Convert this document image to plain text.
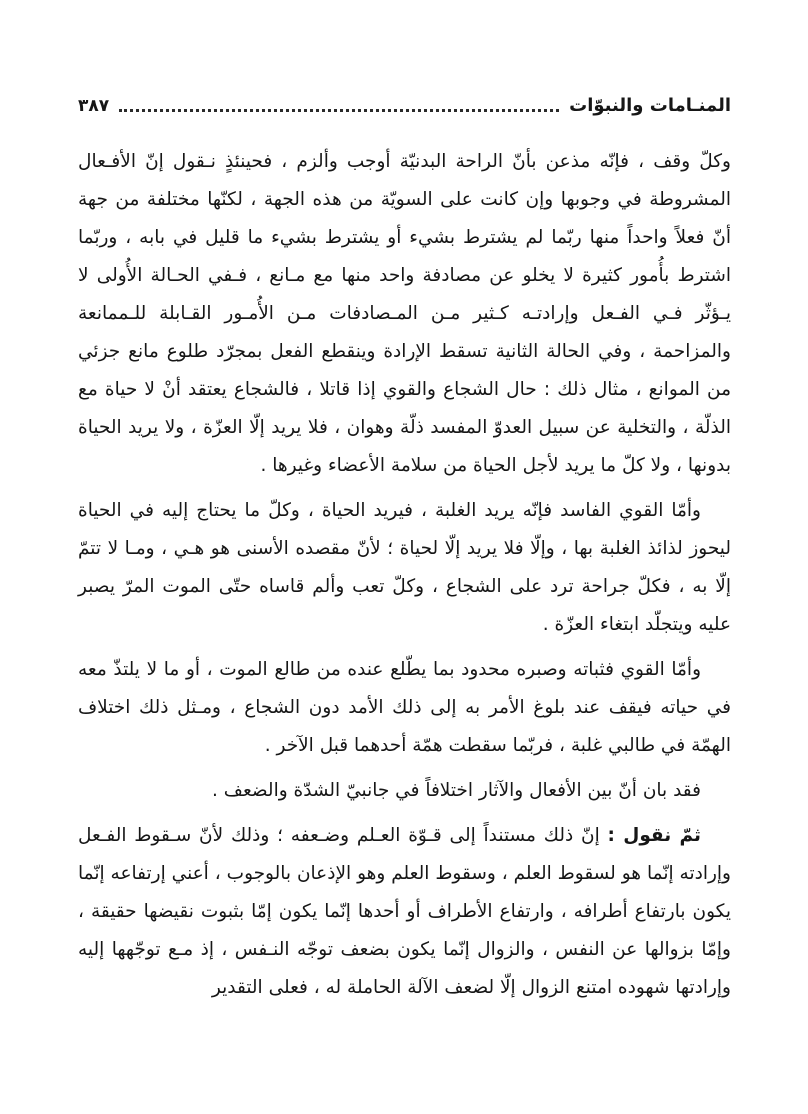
المنـامات والنبوّات
٣٨٧

وكلّ وقف ، فإنّه مذعن بأنّ الراحة البدنيّة أوجب وألزم ، فحينئذٍ نـقول إنّ الأفـعال المشروطة في وجوبها وإن كانت على السويّة من هذه الجهة ، لكنّها مختلفة من جهة أنّ فعلاً واحداً منها ربّما لم يشترط بشيء أو يشترط بشيء ما قليل في بابه ، وربّما اشترط بأُمور كثيرة لا يخلو عن مصادفة واحد منها مع مـانع ، فـفي الحـالة الأُولى لا يـؤثّر فـي الفـعل وإرادتـه كـثير مـن المـصادفات مـن الأُمـور القـابلة للـممانعة والمزاحمة ، وفي الحالة الثانية تسقط الإرادة وينقطع الفعل بمجرّد طلوع مانع جزئي من الموانع ، مثال ذلك : حال الشجاع والقوي إذا قاتلا ، فالشجاع يعتقد أنْ لا حياة مع الذلّة ، والتخلية عن سبيل العدوّ المفسد ذلّة وهوان ، فلا يريد إلّا العزّة ، ولا يريد الحياة بدونها ، ولا كلّ ما يريد لأجل الحياة من سلامة الأعضاء وغيرها .

وأمّا القوي الفاسد فإنّه يريد الغلبة ، فيريد الحياة ، وكلّ ما يحتاج إليه في الحياة ليحوز لذائذ الغلبة بها ، وإلّا فلا يريد إلّا لحياة ؛ لأنّ مقصده الأسنى هو هـي ، ومـا لا تتمّ إلّا به ، فكلّ جراحة ترد على الشجاع ، وكلّ تعب وألم قاساه حتّى الموت المرّ يصبر عليه ويتجلّد ابتغاء العزّة .

وأمّا القوي فثباته وصبره محدود بما يطّلع عنده من طالع الموت ، أو ما لا يلتذّ معه في حياته فيقف عند بلوغ الأمر به إلى ذلك الأمد دون الشجاع ، ومـثل ذلك اختلاف الهمّة في طالبي غلبة ، فربّما سقطت همّة أحدهما قبل الآخر .

فقد بان أنّ بين الأفعال والآثار اختلافاً في جانبيّ الشدّة والضعف .

ثمّ نقول : إنّ ذلك مستنداً إلى قـوّة العـلم وضـعفه ؛ وذلك لأنّ سـقوط الفـعل وإرادته إنّما هو لسقوط العلم ، وسقوط العلم وهو الإذعان بالوجوب ، أعني إرتفاعه إنّما يكون بارتفاع أطرافه ، وارتفاع الأطراف أو أحدها إنّما يكون إمّا بثبوت نقيضها حقيقة ، وإمّا بزوالها عن النفس ، والزوال إنّما يكون بضعف توجّه النـفس ، إذ مـع توجّهها إليه وإرادتها شهوده امتنع الزوال إلّا لضعف الآلة الحاملة له ، فعلى التقدير
